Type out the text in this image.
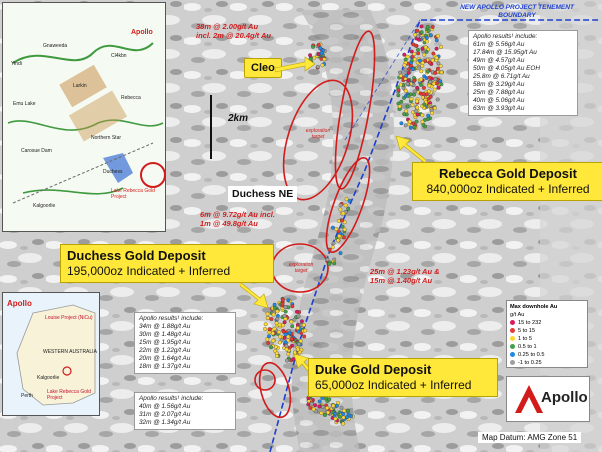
2km
NEW APOLLO PROJECT TENEMENT BOUNDARY
Apollo
Larkin
Kalgoorlie
Lake Rebecca Gold Project
Yindi
Cl4kbn
Northern Star
Emu Lake
Gnaweeda
Carosue Dam
Rebecca
Duchess
Apollo
Louise Project (NiCu)
Lake Rebecca Gold Project
WESTERN AUSTRALIA
Kalgoorlie
Perth
38m @ 2.00g/t Au
incl. 2m @ 20.4g/t Au
Cleo
Duchess NE
6m @ 9.72g/t Au incl.
1m @ 49.8g/t Au
exploration target
exploration target	25m @ 1.23g/t Au &
15m @ 1.40g/t Au
Apollo results¹ include:
61m @ 5.56g/t Au
17.84m @ 15.95g/t Au
49m @ 4.57g/t Au
50m @ 4.05g/t Au EOH
25.8m @ 6.71g/t Au
58m @ 3.29g/t Au
25m @ 7.88g/t Au
40m @ 5.06g/t Au
63m @ 3.93g/t Au
Rebecca Gold Deposit
840,000oz Indicated + Inferred
Duchess Gold Deposit
195,000oz Indicated + Inferred
Apollo results¹ include:
34m @ 1.88g/t Au
30m @ 1.48g/t Au
15m @ 1.95g/t Au
22m @ 1.22g/t Au
20m @ 1.64g/t Au
18m @ 1.37g/t Au
Apollo results¹ include:
40m @ 1.56g/t Au
31m @ 2.07g/t Au
32m @ 1.34g/t Au
Duke Gold Deposit
65,000oz Indicated + Inferred
Max downhole Au
g/t Au
15 to 232
5 to 15
1 to 5
0.5 to 1
0.25 to 0.5
-1 to 0.25
Apollo
Map Datum: AMG Zone 51
